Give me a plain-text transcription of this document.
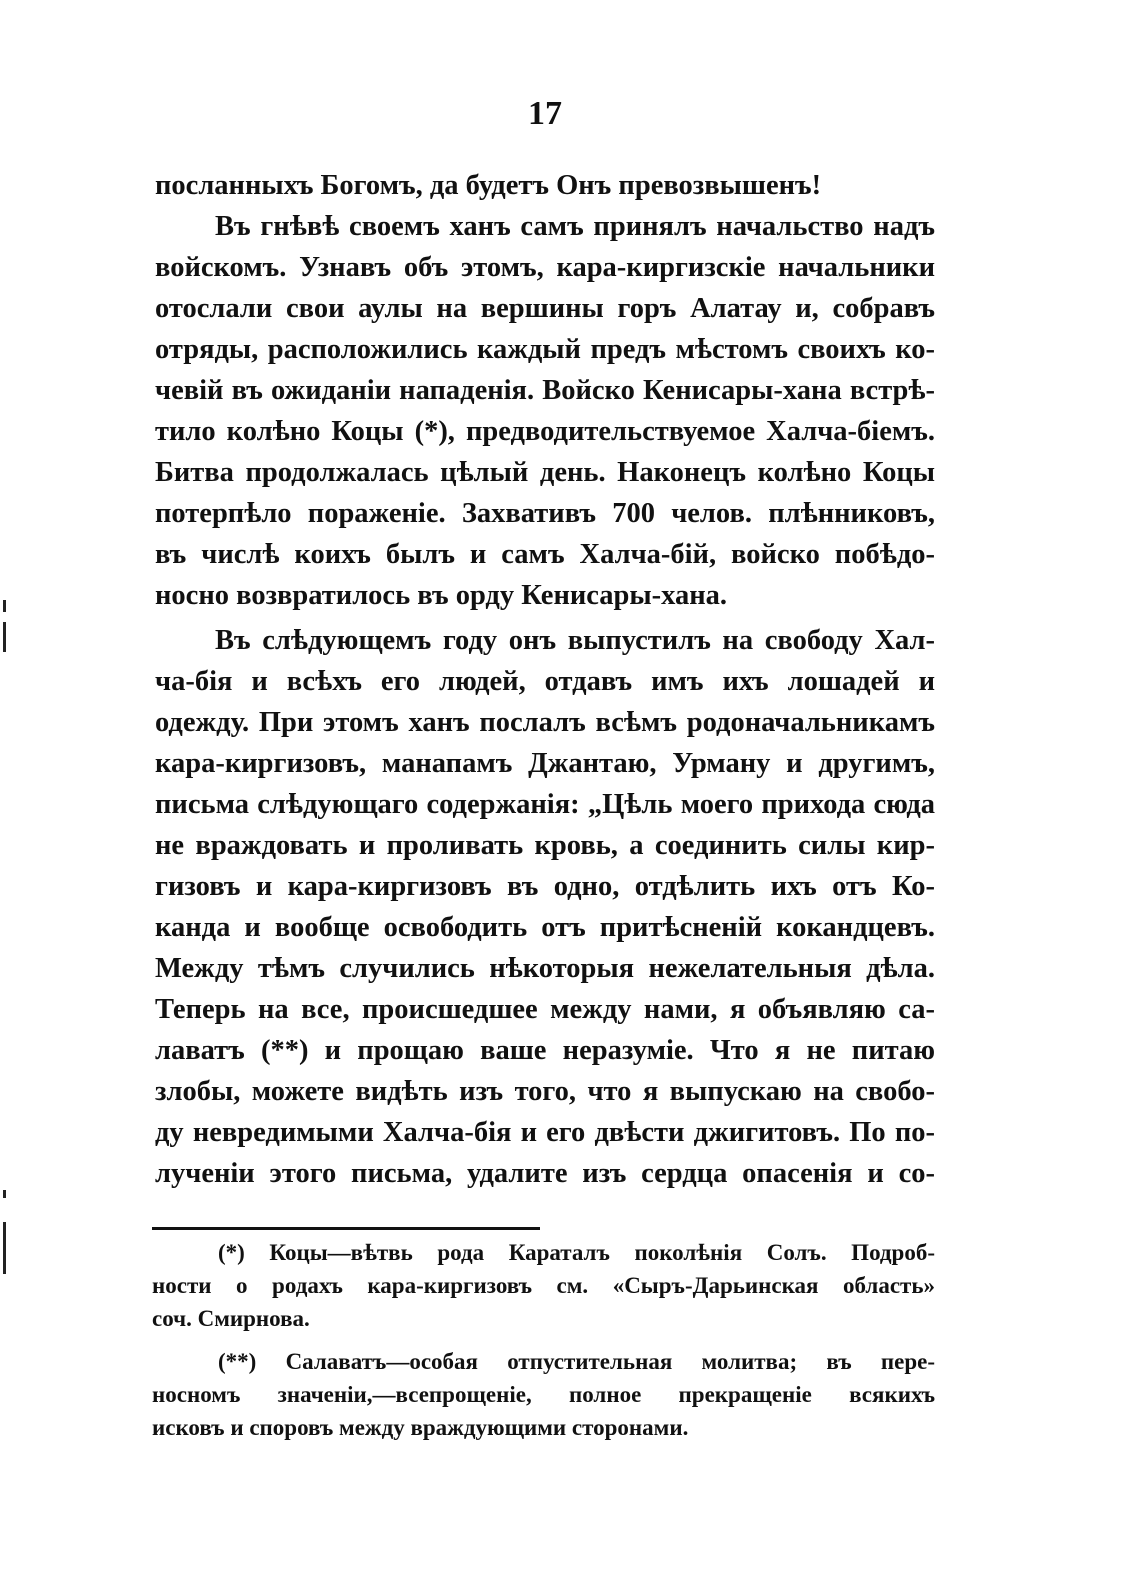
17
посланныхъ Богомъ, да будетъ Онъ превозвышенъ!
Въ гнѣвѣ своемъ ханъ самъ принялъ начальство надъ
войскомъ. Узнавъ объ этомъ, кара-киргизскіе начальники
отослали свои аулы на вершины горъ Алатау и, собравъ
отряды, расположились каждый предъ мѣстомъ своихъ ко-
чевій въ ожиданіи нападенія. Войско Кенисары-хана встрѣ-
тило колѣно Коцы (*), предводительствуемое Халча-біемъ.
Битва продолжалась цѣлый день. Наконецъ колѣно Коцы
потерпѣло пораженіе. Захвативъ 700 челов. плѣнниковъ,
въ числѣ коихъ былъ и самъ Халча-бій, войско побѣдо-
носно возвратилось въ орду Кенисары-хана.
Въ слѣдующемъ году онъ выпустилъ на свободу Хал-
ча-бія и всѣхъ его людей, отдавъ имъ ихъ лошадей и
одежду. При этомъ ханъ послалъ всѣмъ родоначальникамъ
кара-киргизовъ, манапамъ Джантаю, Урману и другимъ,
письма слѣдующаго содержанія: „Цѣль моего прихода сюда
не враждовать и проливать кровь, а соединить силы кир-
гизовъ и кара-киргизовъ въ одно, отдѣлить ихъ отъ Ко-
канда и вообще освободить отъ притѣсненій кокандцевъ.
Между тѣмъ случились нѣкоторыя нежелательныя дѣла.
Теперь на все, происшедшее между нами, я объявляю са-
лаватъ (**) и прощаю ваше неразуміе. Что я не питаю
злобы, можете видѣть изъ того, что я выпускаю на свобо-
ду невредимыми Халча-бія и его двѣсти джигитовъ. По по-
лученіи этого письма, удалите изъ сердца опасенія и со-
(*) Коцы—вѣтвь рода Караталъ поколѣнія Солъ. Подроб-
ности о родахъ кара-киргизовъ см. «Сыръ-Дарьинская область»
соч. Смирнова.
(**) Салаватъ—особая отпустительная молитва; въ пере-
носномъ значеніи,—всепрощеніе, полное прекращеніе всякихъ
исковъ и споровъ между враждующими сторонами.
